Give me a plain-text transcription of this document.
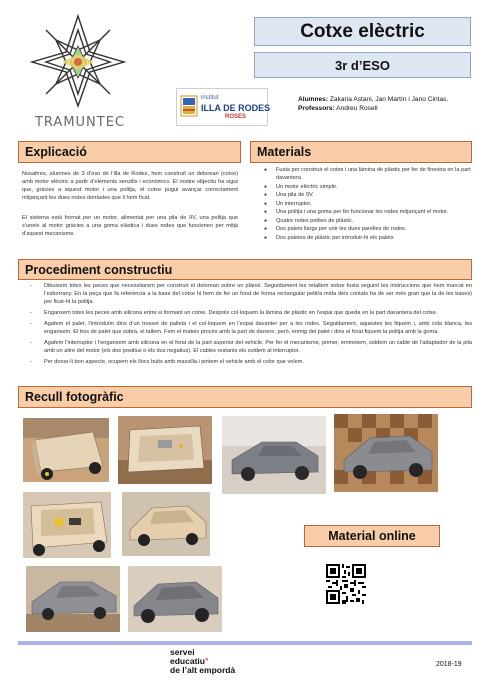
TRAMUNTEC
Cotxe elèctric
3r d’ESO
institut
ILLA DE RODES
ROSES
Alumnes: Zakaria Astani, Jan Martín i Jano Cintas.
Professors: Andreu Rosell
Explicació
Nosaltres, alumnes de 3 d’eso de l’illa de Rodes, hem construït un delorean (cotxe) amb motor elèctric a partir d’elements senzills i econòmics. El nostre objectiu ha sigut que, gràcies a aquest motor i una politja, el cotxe pugui avançar correctament mitjançant les dues rodes dentades que li hem ficat.
El sistema està format per un motor, alimentat per una pila de 9V, una politja que s’uneix al motor gràcies a una goma elàstica i dues rodes que funcionen per mitjà d’aquest mecanisme.
Materials
● Fusta per construir el cotxe i una làmina de plàstic per fer de finestra en la part davantera.
● Un motor elèctric simple.
● Una pila de 9V.
● Un interruptor.
● Una politja i una goma per fer funcionar les rodes mitjançant el motor.
● Quatre rodes petites de plàstic.
● Dos palets llargs per unir les dues parelles de rodes.
● Dos paletes de plàstic per introduir-hi els palets
Procediment constructiu
- Dibuixem totes les peces que necessitarem per construir el delorean sobre un plànol. Seguidament les retallem sobre fusta seguint les instruccions que hem marcat en l’esborrany. En la peça que fa referència a la base del cotxe hi hem de fer un forat de forma rectangular petit/a mida dels contats ha de ser més gran que la de les bases) per ficar-hi la politja.
- Enganxem totes les peces amb silicona entre si formant un cotxe. Després col·loquem la làmina de plàstic en l’espai que queda en la part davantera del cotxe.
- Agafem el palet, l’introduïm dins d’un trosset de palleta i el col·loquem en l’espai davanter per a les rodes. Seguidament, aquestes les fiquem i, amb cola blanca, les enganxem. El tros de palet que sobra, el tallem. Fem el mateix procés amb la part de darrere, però, enmig del palet i dins el forat fiquem la politja amb la goma.
- Agafem l’interruptor i l’enganxem amb silicona en el forat de la part superior del vehicle. Per fer el mecanisme, primer, emmotem, soldem un cable de l’adaptador de la pila amb un altre del motor (els dos positius o els dos negatius). El cables restants els soldem al interruptor.
- Per donar-li bon aspecte, ocupem els llocs buits amb massilla i pintem el vehicle amb el color que volem.
Recull fotogràfic
Material online
servei
educatiu°
de l’alt empordà
2018-19
